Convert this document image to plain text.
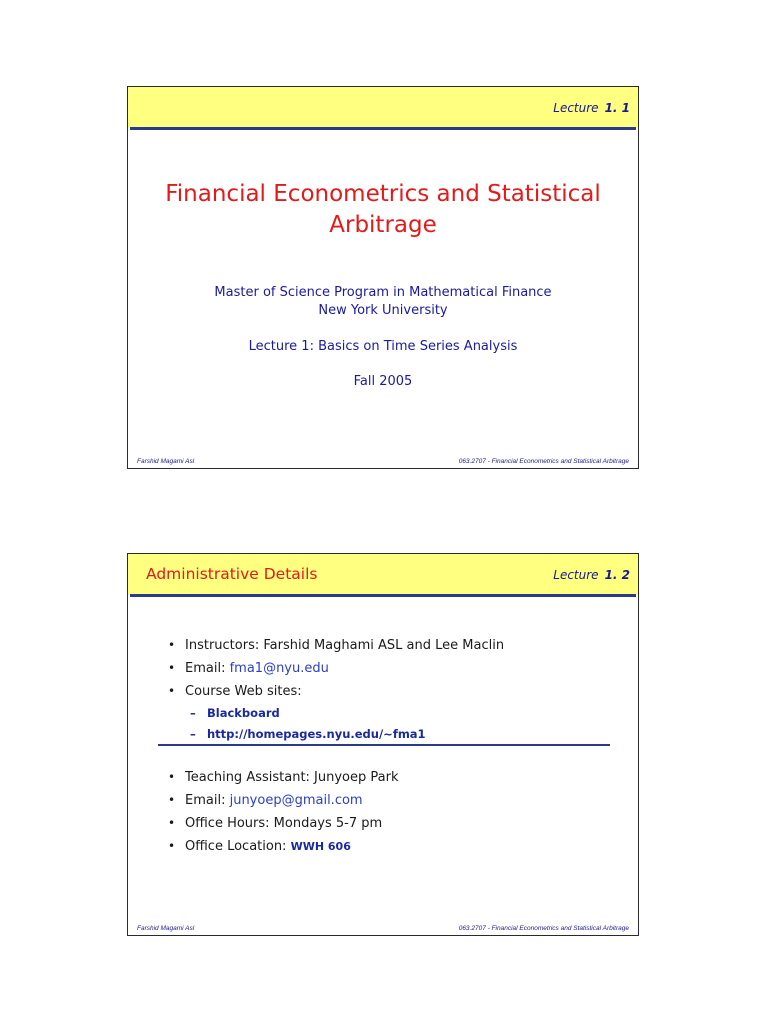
Lecture 1. 1
Financial Econometrics and Statistical
Arbitrage
Master of Science Program in Mathematical Finance
New York University
Lecture 1: Basics on Time Series Analysis
Fall 2005
Farshid Magami Asl	063.2707 - Financial Econometrics and Statistical Arbitrage
Administrative Details	Lecture 1. 2
• Instructors: Farshid Maghami ASL and Lee Maclin
• Email: fma1@nyu.edu
• Course Web sites:
– Blackboard
– http://homepages.nyu.edu/~fma1
• Teaching Assistant: Junyoep Park
• Email: junyoep@gmail.com
• Office Hours: Mondays 5-7 pm
• Office Location: WWH 606
Farshid Magami Asl	063.2707 - Financial Econometrics and Statistical Arbitrage
